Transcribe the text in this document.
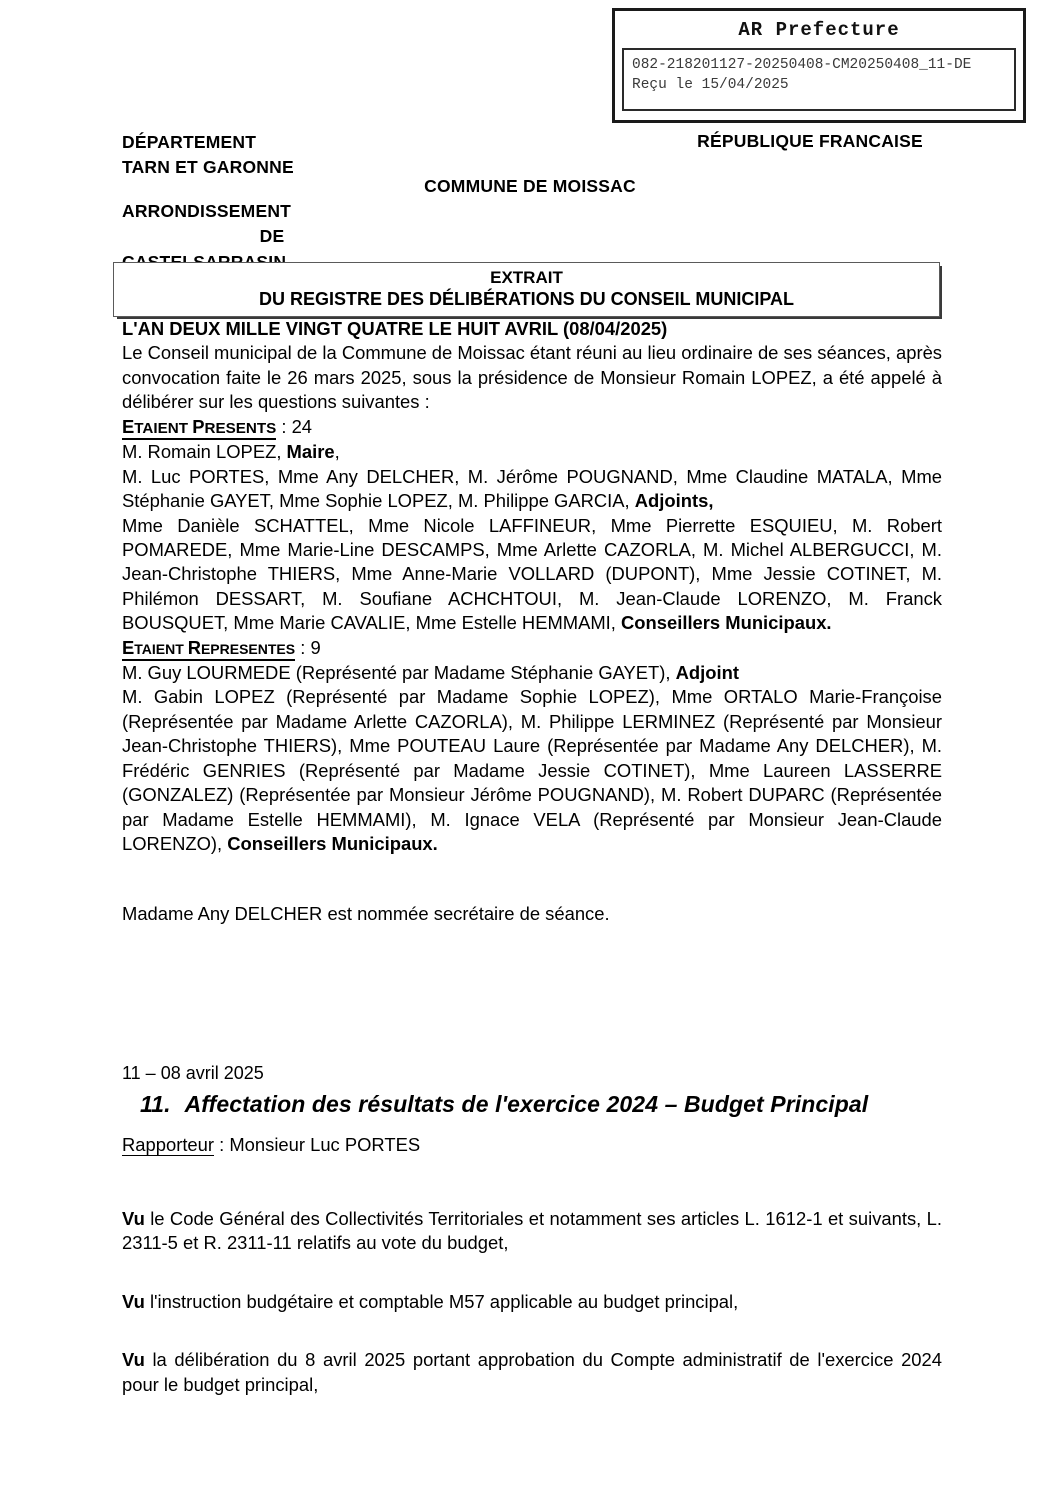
AR Prefecture
082-218201127-20250408-CM20250408_11-DE
Reçu le 15/04/2025
DÉPARTEMENT
TARN ET GARONNE
ARRONDISSEMENT
DE
RÉPUBLIQUE FRANCAISE
COMMUNE DE MOISSAC
EXTRAIT
DU REGISTRE DES DÉLIBÉRATIONS DU CONSEIL MUNICIPAL

L'AN DEUX MILLE VINGT QUATRE LE HUIT AVRIL (08/04/2025)

Le Conseil municipal de la Commune de Moissac étant réuni au lieu ordinaire de ses séances, après convocation faite le 26 mars 2025, sous la présidence de Monsieur Romain LOPEZ, a été appelé à délibérer sur les questions suivantes :

ETAIENT PRESENTS : 24

M. Romain LOPEZ, Maire,

M. Luc PORTES, Mme Any DELCHER, M. Jérôme POUGNAND, Mme Claudine MATALA, Mme Stéphanie GAYET, Mme Sophie LOPEZ, M. Philippe GARCIA, Adjoints,

Mme Danièle SCHATTEL, Mme Nicole LAFFINEUR, Mme Pierrette ESQUIEU, M. Robert POMAREDE, Mme Marie-Line DESCAMPS, Mme Arlette CAZORLA, M. Michel ALBERGUCCI, M. Jean-Christophe THIERS, Mme Anne-Marie VOLLARD (DUPONT), Mme Jessie COTINET, M. Philémon DESSART, M. Soufiane ACHCHTOUI, M. Jean-Claude LORENZO, M. Franck BOUSQUET, Mme Marie CAVALIE, Mme Estelle HEMMAMI, Conseillers Municipaux.

ETAIENT REPRESENTES : 9

M. Guy LOURMEDE (Représenté par Madame Stéphanie GAYET), Adjoint

M. Gabin LOPEZ (Représenté par Madame Sophie LOPEZ), Mme ORTALO Marie-Françoise (Représentée par Madame Arlette CAZORLA), M. Philippe LERMINEZ (Représenté par Monsieur Jean-Christophe THIERS), Mme POUTEAU Laure (Représentée par Madame Any DELCHER), M. Frédéric GENRIES (Représenté par Madame Jessie COTINET), Mme Laureen LASSERRE (GONZALEZ) (Représentée par Monsieur Jérôme POUGNAND), M. Robert DUPARC (Représentée par Madame Estelle HEMMAMI), M. Ignace VELA (Représenté par Monsieur Jean-Claude LORENZO), Conseillers Municipaux.

Madame Any DELCHER est nommée secrétaire de séance.
11 – 08 avril 2025
11. Affectation des résultats de l'exercice 2024 – Budget Principal
Rapporteur : Monsieur Luc PORTES

Vu le Code Général des Collectivités Territoriales et notamment ses articles L. 1612-1 et suivants, L. 2311-5 et R. 2311-11 relatifs au vote du budget,

Vu l'instruction budgétaire et comptable M57 applicable au budget principal,

Vu la délibération du 8 avril 2025 portant approbation du Compte administratif de l'exercice 2024 pour le budget principal,
